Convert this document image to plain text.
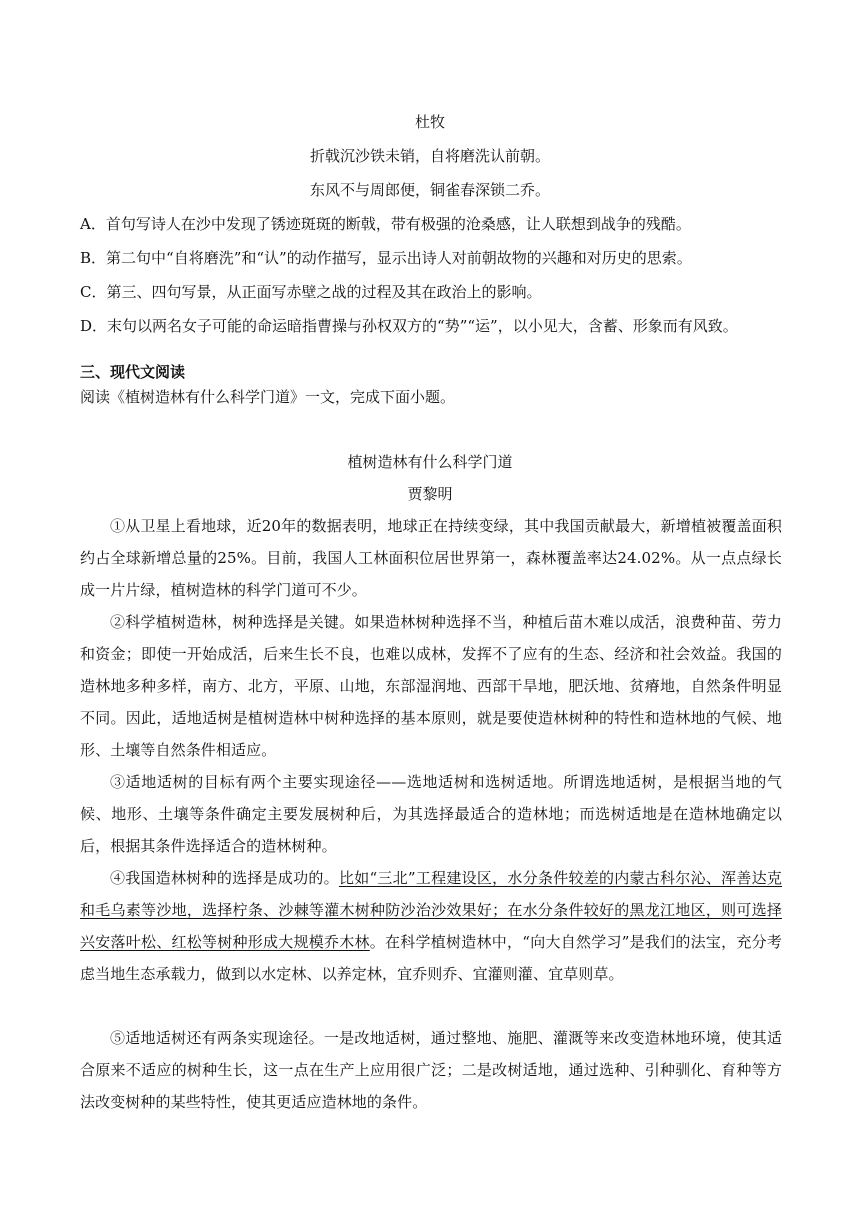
杜牧
折戟沉沙铁未销，自将磨洗认前朝。
东风不与周郎便，铜雀春深锁二乔。
A．首句写诗人在沙中发现了锈迹斑斑的断戟，带有极强的沧桑感，让人联想到战争的残酷。
B．第二句中“自将磨洗”和“认”的动作描写，显示出诗人对前朝故物的兴趣和对历史的思索。
C．第三、四句写景，从正面写赤壁之战的过程及其在政治上的影响。
D．末句以两名女子可能的命运暗指曹操与孙权双方的“势”“运”，以小见大，含蓄、形象而有风致。
三、现代文阅读
阅读《植树造林有什么科学门道》一文，完成下面小题。
植树造林有什么科学门道
贾黎明

①从卫星上看地球，近20年的数据表明，地球正在持续变绿，其中我国贡献最大，新增植被覆盖面积约占全球新增总量的25%。目前，我国人工林面积位居世界第一，森林覆盖率达24.02%。从一点点绿长成一片片绿，植树造林的科学门道可不少。

②科学植树造林，树种选择是关键。如果造林树种选择不当，种植后苗木难以成活，浪费种苗、劳力和资金；即使一开始成活，后来生长不良，也难以成林，发挥不了应有的生态、经济和社会效益。我国的造林地多种多样，南方、北方，平原、山地，东部湿润地、西部干旱地，肥沃地、贫瘠地，自然条件明显不同。因此，适地适树是植树造林中树种选择的基本原则，就是要使造林树种的特性和造林地的气候、地形、土壤等自然条件相适应。

③适地适树的目标有两个主要实现途径——选地适树和选树适地。所谓选地适树，是根据当地的气候、地形、土壤等条件确定主要发展树种后，为其选择最适合的造林地；而选树适地是在造林地确定以后，根据其条件选择适合的造林树种。

④我国造林树种的选择是成功的。比如“三北”工程建设区，水分条件较差的内蒙古科尔沁、浑善达克和毛乌素等沙地，选择柠条、沙棘等灌木树种防沙治沙效果好；在水分条件较好的黑龙江地区，则可选择兴安落叶松、红松等树种形成大规模乔木林。在科学植树造林中，“向大自然学习”是我们的法宝，充分考虑当地生态承载力，做到以水定林、以养定林，宜乔则乔、宜灌则灌、宜草则草。

⑤适地适树还有两条实现途径。一是改地适树，通过整地、施肥、灌溉等来改变造林地环境，使其适合原来不适应的树种生长，这一点在生产上应用很广泛；二是改树适地，通过选种、引种驯化、育种等方法改变树种的某些特性，使其更适应造林地的条件。
